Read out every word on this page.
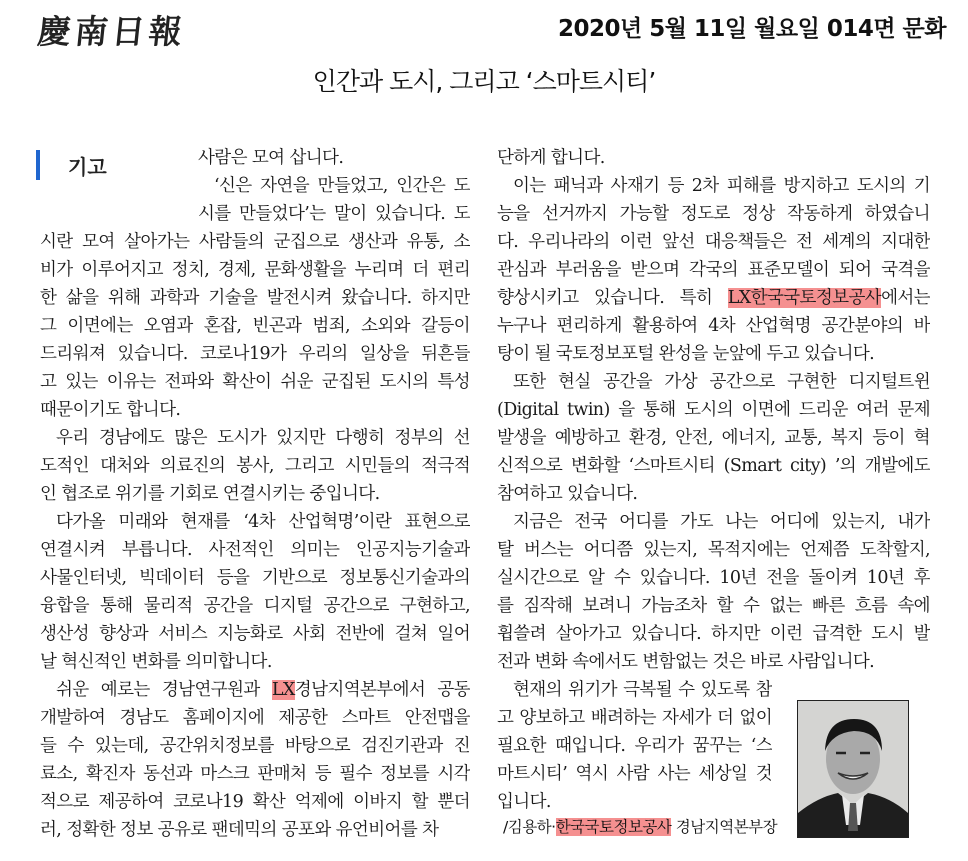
慶南日報	2020년 5월 11일 월요일 014면 문화
인간과 도시, 그리고 ‘스마트시티’
기고	사람은 모여 삽니다.
‘신은 자연을 만들었고, 인간은 도
시를 만들었다’는 말이 있습니다. 도
시란 모여 살아가는 사람들의 군집으로 생산과 유통, 소
비가 이루어지고 정치, 경제, 문화생활을 누리며 더 편리
한 삶을 위해 과학과 기술을 발전시켜 왔습니다. 하지만
그 이면에는 오염과 혼잡, 빈곤과 범죄, 소외와 갈등이
드리워져 있습니다. 코로나19가 우리의 일상을 뒤흔들
고 있는 이유는 전파와 확산이 쉬운 군집된 도시의 특성
때문이기도 합니다.
우리 경남에도 많은 도시가 있지만 다행히 정부의 선
도적인 대처와 의료진의 봉사, 그리고 시민들의 적극적
인 협조로 위기를 기회로 연결시키는 중입니다.
다가올 미래와 현재를 ‘4차 산업혁명’이란 표현으로
연결시켜 부릅니다. 사전적인 의미는 인공지능기술과
사물인터넷, 빅데이터 등을 기반으로 정보통신기술과의
융합을 통해 물리적 공간을 디지털 공간으로 구현하고,
생산성 향상과 서비스 지능화로 사회 전반에 걸쳐 일어
날 혁신적인 변화를 의미합니다.
쉬운 예로는 경남연구원과 LX경남지역본부에서 공동
개발하여 경남도 홈페이지에 제공한 스마트 안전맵을
들 수 있는데, 공간위치정보를 바탕으로 검진기관과 진
료소, 확진자 동선과 마스크 판매처 등 필수 정보를 시각
적으로 제공하여 코로나19 확산 억제에 이바지 할 뿐더
러, 정확한 정보 공유로 팬데믹의 공포와 유언비어를 차
단하게 합니다.
이는 패닉과 사재기 등 2차 피해를 방지하고 도시의 기
능을 선거까지 가능할 정도로 정상 작동하게 하였습니
다. 우리나라의 이런 앞선 대응책들은 전 세계의 지대한
관심과 부러움을 받으며 각국의 표준모델이 되어 국격을
향상시키고 있습니다. 특히 LX한국국토정보공사에서는
누구나 편리하게 활용하여 4차 산업혁명 공간분야의 바
탕이 될 국토정보포털 완성을 눈앞에 두고 있습니다.
또한 현실 공간을 가상 공간으로 구현한 디지털트윈
(Digital twin) 을 통해 도시의 이면에 드리운 여러 문제
발생을 예방하고 환경, 안전, 에너지, 교통, 복지 등이 혁
신적으로 변화할 ‘스마트시티 (Smart city) ’의 개발에도
참여하고 있습니다.
지금은 전국 어디를 가도 나는 어디에 있는지, 내가
탈 버스는 어디쯤 있는지, 목적지에는 언제쯤 도착할지,
실시간으로 알 수 있습니다. 10년 전을 돌이켜 10년 후
를 짐작해 보려니 가늠조차 할 수 없는 빠른 흐름 속에
휩쓸려 살아가고 있습니다. 하지만 이런 급격한 도시 발
전과 변화 속에서도 변함없는 것은 바로 사람입니다.
현재의 위기가 극복될 수 있도록 참
고 양보하고 배려하는 자세가 더 없이
필요한 때입니다. 우리가 꿈꾸는 ‘스
마트시티’ 역시 사람 사는 세상일 것
입니다.
/김용하·한국국토정보공사 경남지역본부장
